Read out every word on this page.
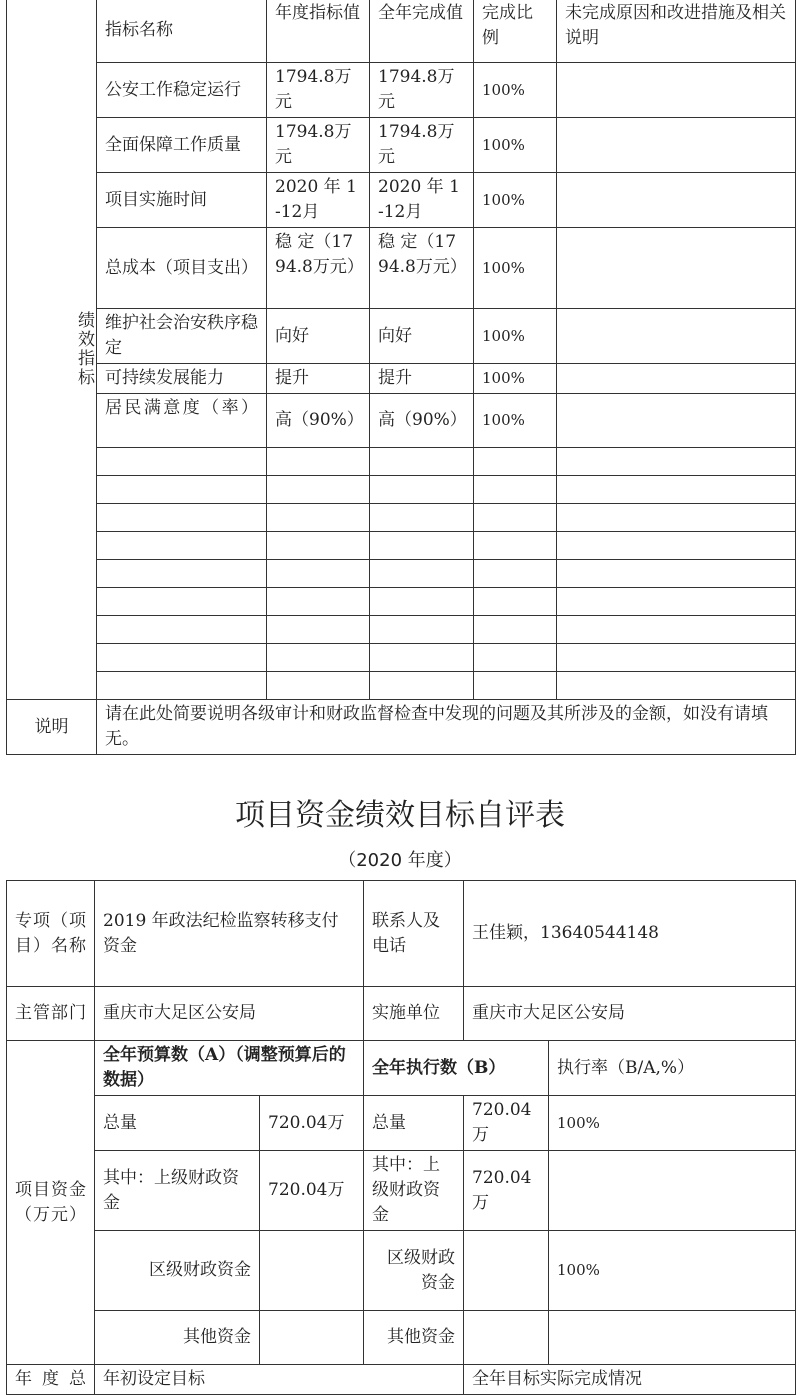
绩效指标	指标名称	年度指标值	全年完成值	完成比例	未完成原因和改进措施及相关说明
	公安工作稳定运行	1794.8万元	1794.8万元	100%	
	全面保障工作质量	1794.8万元	1794.8万元	100%	
	项目实施时间	2020 年 1-12月	2020 年 1-12月	100%	
	总成本（项目支出）	稳 定（1794.8万元）	稳 定（1794.8万元）	100%	
	维护社会治安秩序稳定	向好	向好	100%	
	可持续发展能力	提升	提升	100%	
	居民满意度（率）	高（90%）	高（90%）	100%	

说明	请在此处简要说明各级审计和财政监督检查中发现的问题及其所涉及的金额，如没有请填无。				
项目资金绩效目标自评表
（2020 年度）
专项（项目）名称	2019 年政法纪检监察转移支付资金		联系人及电话	王佳颖，13640544148	
主管部门	重庆市大足区公安局		实施单位	重庆市大足区公安局	
项目资金（万元）	全年预算数（A）（调整预算后的数据）		全年执行数（B）		执行率（B/A,%）
	总量	720.04万	总量	720.04万	100%
	其中：上级财政资金	720.04万	其中：上级财政资金	720.04万	
	区级财政资金		区级财政资金		100%
	其他资金		其他资金		
年度总	年初设定目标			全年目标实际完成情况	
